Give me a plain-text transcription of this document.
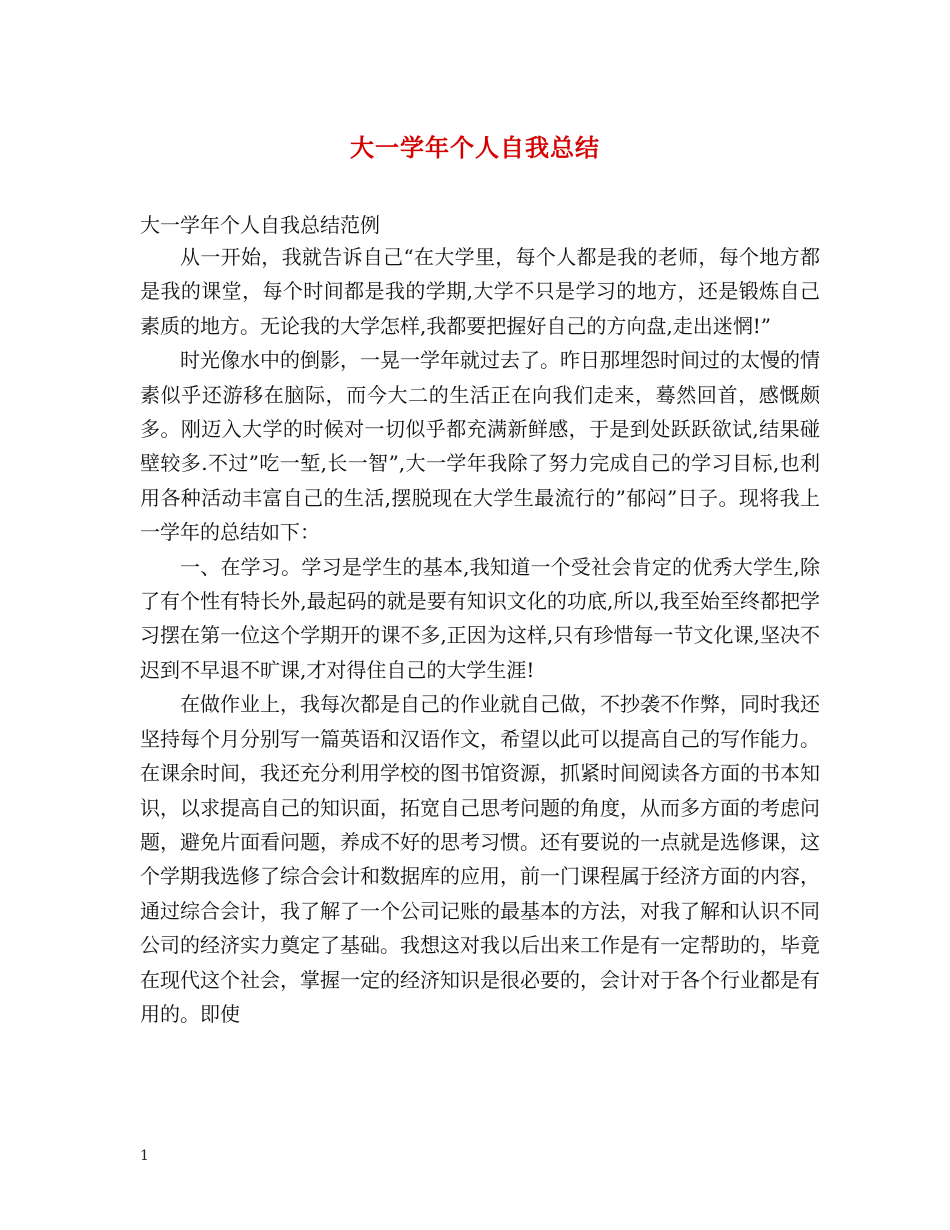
大一学年个人自我总结
大一学年个人自我总结范例

从一开始，我就告诉自己“在大学里，每个人都是我的老师，每个地方都是我的课堂，每个时间都是我的学期,大学不只是学习的地方，还是锻炼自己素质的地方。无论我的大学怎样,我都要把握好自己的方向盘,走出迷惘!”

时光像水中的倒影，一晃一学年就过去了。昨日那埋怨时间过的太慢的情素似乎还游移在脑际，而今大二的生活正在向我们走来，蓦然回首，感慨颇多。刚迈入大学的时候对一切似乎都充满新鲜感，于是到处跃跃欲试,结果碰壁较多.不过”吃一堑,长一智”,大一学年我除了努力完成自己的学习目标,也利用各种活动丰富自己的生活,摆脱现在大学生最流行的”郁闷”日子。现将我上一学年的总结如下：

一、在学习。学习是学生的基本,我知道一个受社会肯定的优秀大学生,除了有个性有特长外,最起码的就是要有知识文化的功底,所以,我至始至终都把学习摆在第一位这个学期开的课不多,正因为这样,只有珍惜每一节文化课,坚决不迟到不早退不旷课,才对得住自己的大学生涯!

在做作业上，我每次都是自己的作业就自己做，不抄袭不作弊，同时我还坚持每个月分别写一篇英语和汉语作文，希望以此可以提高自己的写作能力。在课余时间，我还充分利用学校的图书馆资源，抓紧时间阅读各方面的书本知识，以求提高自己的知识面，拓宽自己思考问题的角度，从而多方面的考虑问题，避免片面看问题，养成不好的思考习惯。还有要说的一点就是选修课，这个学期我选修了综合会计和数据库的应用，前一门课程属于经济方面的内容，通过综合会计，我了解了一个公司记账的最基本的方法，对我了解和认识不同公司的经济实力奠定了基础。我想这对我以后出来工作是有一定帮助的，毕竟在现代这个社会，掌握一定的经济知识是很必要的，会计对于各个行业都是有用的。即使

1
